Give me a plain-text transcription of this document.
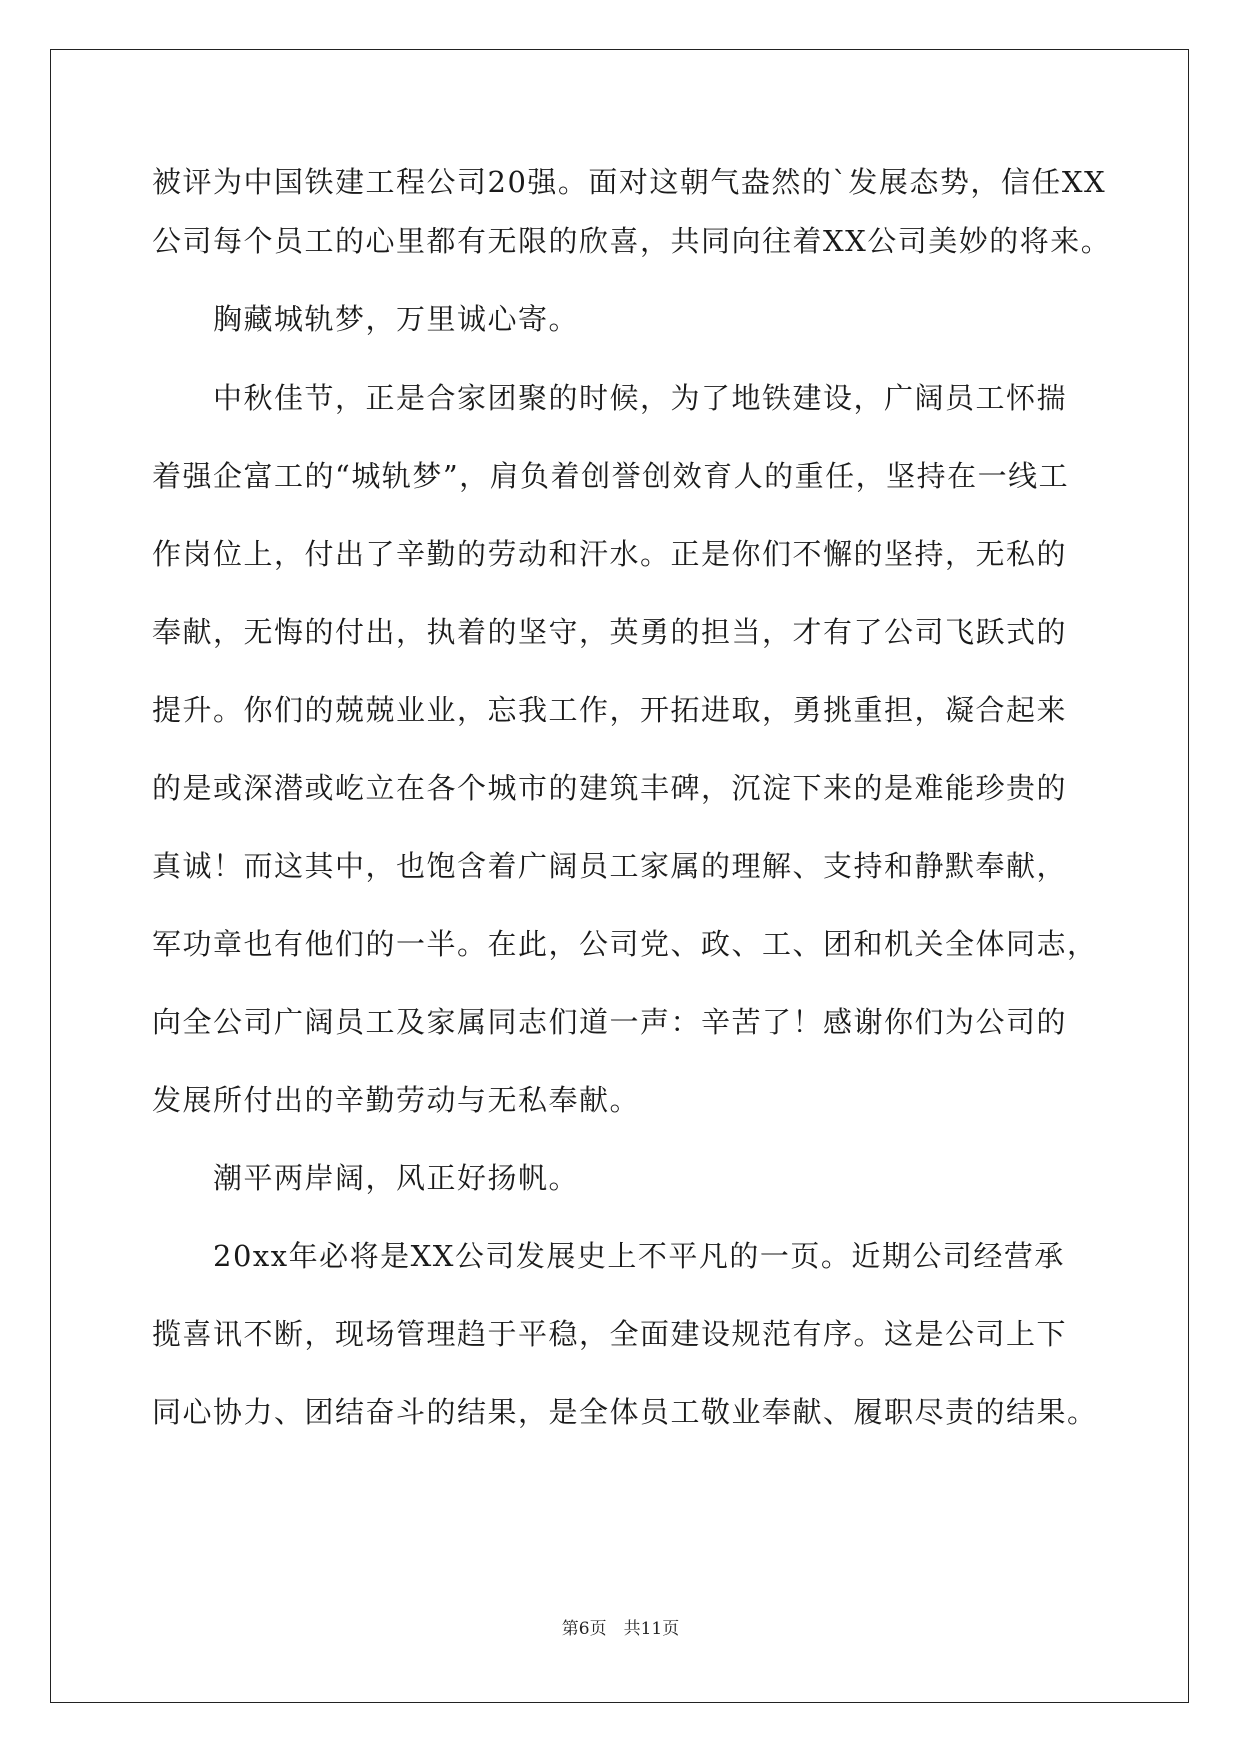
被评为中国铁建工程公司20强。面对这朝气盎然的`发展态势，信任XX
公司每个员工的心里都有无限的欣喜，共同向往着XX公司美妙的将来。
胸藏城轨梦，万里诚心寄。
中秋佳节，正是合家团聚的时候，为了地铁建设，广阔员工怀揣
着强企富工的“城轨梦”，肩负着创誉创效育人的重任，坚持在一线工
作岗位上，付出了辛勤的劳动和汗水。正是你们不懈的坚持，无私的
奉献，无悔的付出，执着的坚守，英勇的担当，才有了公司飞跃式的
提升。你们的兢兢业业，忘我工作，开拓进取，勇挑重担，凝合起来
的是或深潜或屹立在各个城市的建筑丰碑，沉淀下来的是难能珍贵的
真诚！而这其中，也饱含着广阔员工家属的理解、支持和静默奉献，
军功章也有他们的一半。在此，公司党、政、工、团和机关全体同志，
向全公司广阔员工及家属同志们道一声：辛苦了！感谢你们为公司的
发展所付出的辛勤劳动与无私奉献。
潮平两岸阔，风正好扬帆。
20xx年必将是XX公司发展史上不平凡的一页。近期公司经营承
揽喜讯不断，现场管理趋于平稳，全面建设规范有序。这是公司上下
同心协力、团结奋斗的结果，是全体员工敬业奉献、履职尽责的结果。
第6页　共11页
